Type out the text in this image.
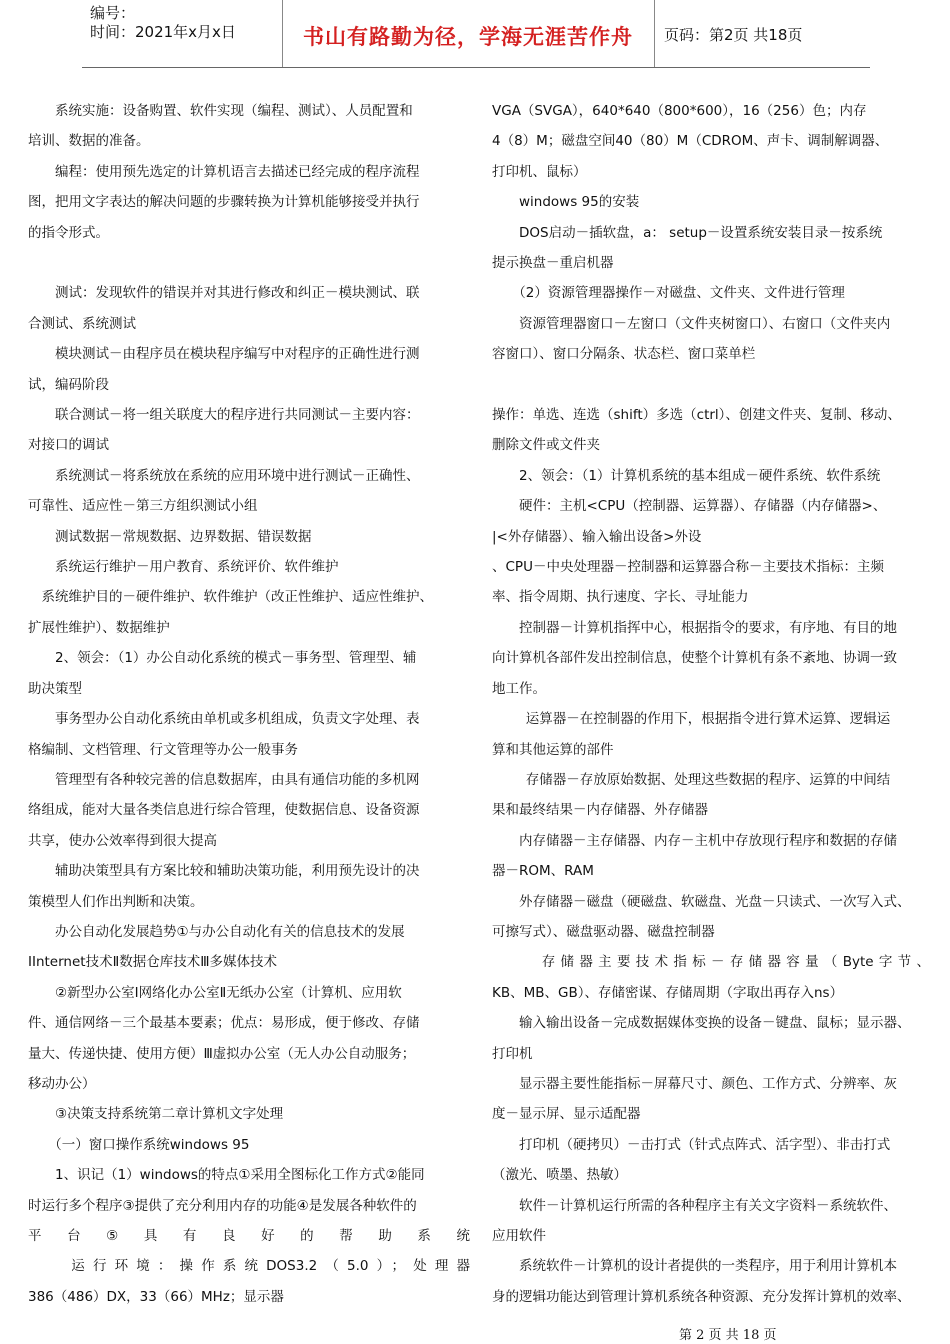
编号：
时间：2021年x月x日	书山有路勤为径，学海无涯苦作舟	页码：第2页 共18页

　　系统实施：设备购置、软件实现（编程、测试）、人员配置和

培训、数据的准备。

　　编程：使用预先选定的计算机语言去描述已经完成的程序流程

图，把用文字表达的解决问题的步骤转换为计算机能够接受并执行

的指令形式。

　　测试：发现软件的错误并对其进行修改和纠正－模块测试、联

合测试、系统测试

　　模块测试－由程序员在模块程序编写中对程序的正确性进行测

试，编码阶段

　　联合测试－将一组关联度大的程序进行共同测试－主要内容：

对接口的调试

　　系统测试－将系统放在系统的应用环境中进行测试－正确性、

可靠性、适应性－第三方组织测试小组

　　测试数据－常规数据、边界数据、错误数据

　　系统运行维护－用户教育、系统评价、软件维护

　系统维护目的－硬件维护、软件维护（改正性维护、适应性维护、

扩展性维护）、数据维护

　　2、领会：（1）办公自动化系统的模式－事务型、管理型、辅

助决策型

　　事务型办公自动化系统由单机或多机组成，负责文字处理、表

格编制、文档管理、行文管理等办公一般事务

　　管理型有各种较完善的信息数据库，由具有通信功能的多机网

络组成，能对大量各类信息进行综合管理，使数据信息、设备资源

共享，使办公效率得到很大提高

　　辅助决策型具有方案比较和辅助决策功能，利用预先设计的决

策模型人们作出判断和决策。

　　办公自动化发展趋势①与办公自动化有关的信息技术的发展

ⅠInternet技术Ⅱ数据仓库技术Ⅲ多媒体技术

　　②新型办公室Ⅰ网络化办公室Ⅱ无纸办公室（计算机、应用软

件、通信网络－三个最基本要素；优点：易形成，便于修改、存储

量大、传递快捷、使用方便）Ⅲ虚拟办公室（无人办公自动服务；

移动办公）

　　③决策支持系统第二章计算机文字处理

　　（一）窗口操作系统windows 95

　　1、识记（1）windows的特点①采用全图标化工作方式②能同

时运行多个程序③提供了充分利用内存的功能④是发展各种软件的

平台⑤具有良好的帮助系统

　　运行环境：操作系统DOS3.2（5.0）；处理器

386（486）DX，33（66）MHz；显示器

VGA（SVGA），640*640（800*600），16（256）色；内存

4（8）M；磁盘空间40（80）M（CDROM、声卡、调制解调器、

打印机、鼠标）

　　windows 95的安装

　　DOS启动－插软盘，a： setup－设置系统安装目录－按系统

提示换盘－重启机器

　　（2）资源管理器操作－对磁盘、文件夹、文件进行管理

　　资源管理器窗口－左窗口（文件夹树窗口）、右窗口（文件夹内

容窗口）、窗口分隔条、状态栏、窗口菜单栏

操作：单选、连选（shift）多选（ctrl）、创建文件夹、复制、移动、

删除文件或文件夹

　　2、领会：（1）计算机系统的基本组成－硬件系统、软件系统

　　硬件：主机<CPU（控制器、运算器）、存储器（内存储器>、

|<外存储器）、输入输出设备>外设

、CPU－中央处理器－控制器和运算器合称－主要技术指标：主频

率、指令周期、执行速度、字长、寻址能力

　　控制器－计算机指挥中心，根据指令的要求，有序地、有目的地

向计算机各部件发出控制信息，使整个计算机有条不紊地、协调一致

地工作。

　　 运算器－在控制器的作用下，根据指令进行算术运算、逻辑运

算和其他运算的部件

　　 存储器－存放原始数据、处理这些数据的程序、运算的中间结

果和最终结果－内存储器、外存储器

　　内存储器－主存储器、内存－主机中存放现行程序和数据的存储

器－ROM、RAM

　　外存储器－磁盘（硬磁盘、软磁盘、光盘－只读式、一次写入式、

可擦写式）、磁盘驱动器、磁盘控制器

　　 存储器主要技术指标－存储器容量（Byte字节、

KB、MB、GB）、存储密谋、存储周期（字取出再存入ns）

　　输入输出设备－完成数据媒体变换的设备－键盘、鼠标；显示器、

打印机

　　显示器主要性能指标－屏幕尺寸、颜色、工作方式、分辨率、灰

度－显示屏、显示适配器

　　打印机（硬拷贝）－击打式（针式点阵式、活字型）、非击打式

（激光、喷墨、热敏）

　　软件－计算机运行所需的各种程序主有关文字资料－系统软件、

应用软件

　　系统软件－计算机的设计者提供的一类程序，用于利用计算机本

身的逻辑功能达到管理计算机系统各种资源、充分发挥计算机的效率、

第 2 页 共 18 页
